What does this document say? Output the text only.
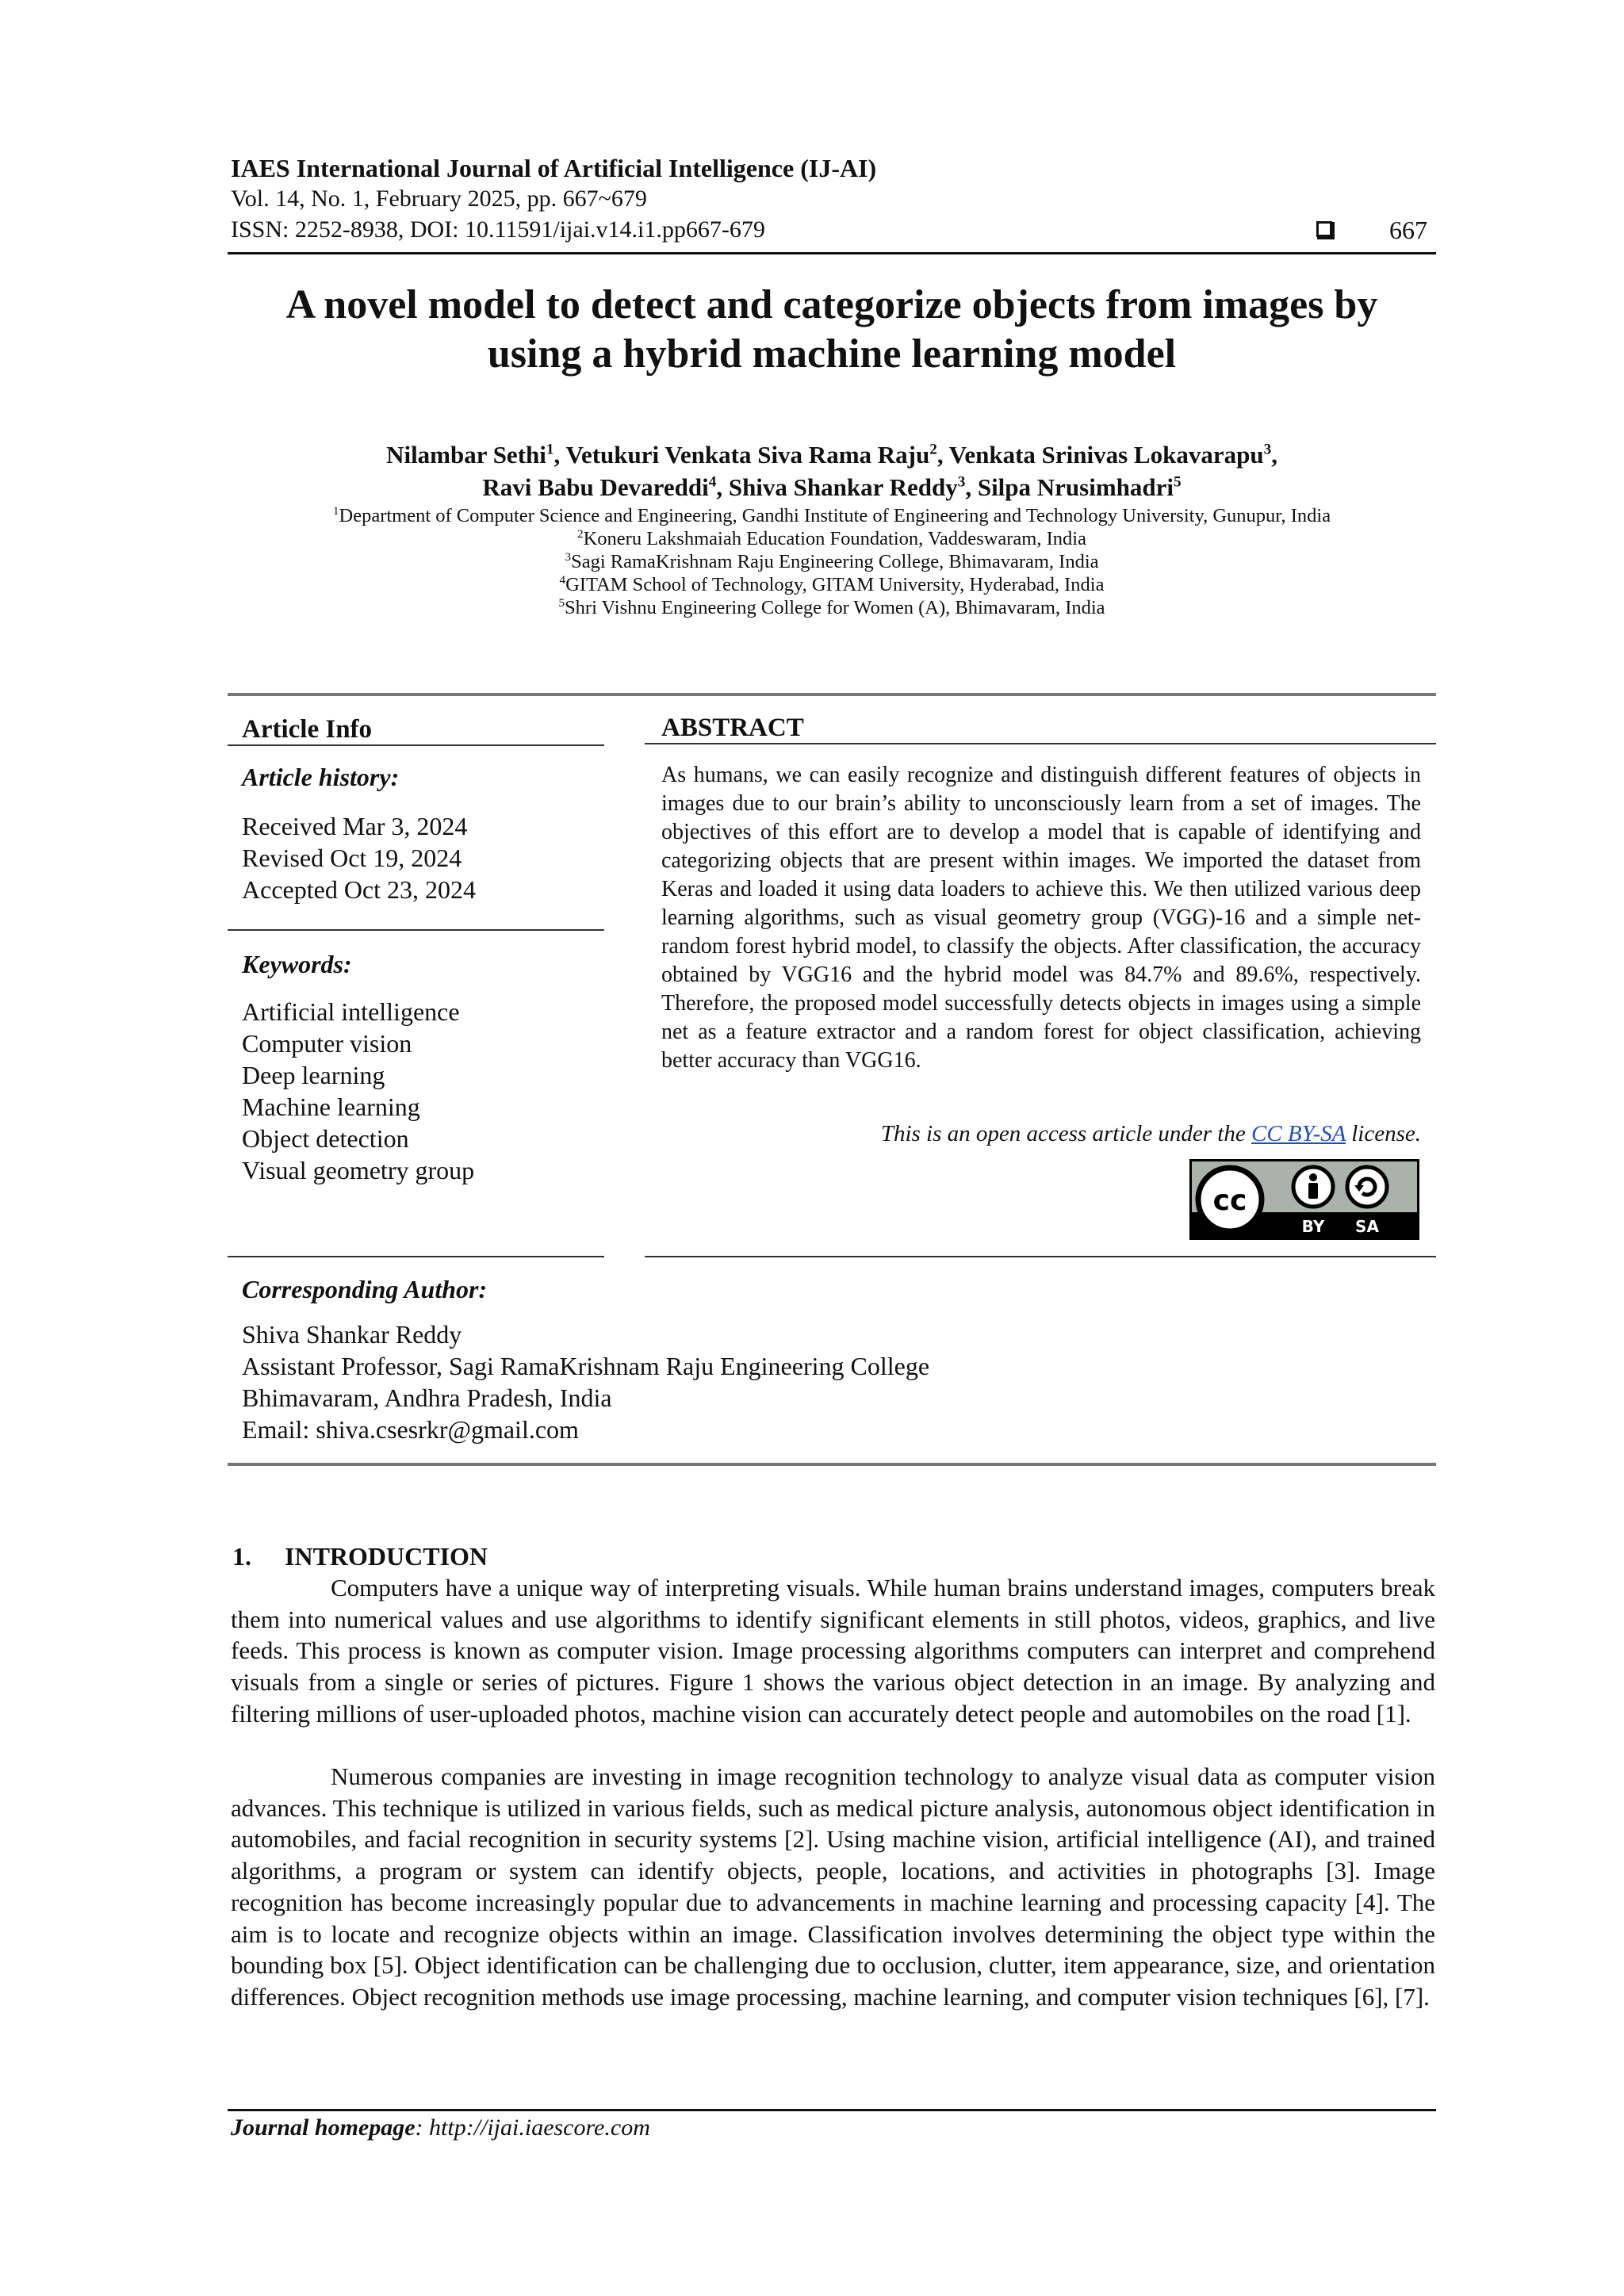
IAES International Journal of Artificial Intelligence (IJ-AI)
Vol. 14, No. 1, February 2025, pp. 667~679
ISSN: 2252-8938, DOI: 10.11591/ijai.v14.i1.pp667-679	667
A novel model to detect and categorize objects from images by
using a hybrid machine learning model
Nilambar Sethi$^1$, Vetukuri Venkata Siva Rama Raju$^2$, Venkata Srinivas Lokavarapu$^3$,
Ravi Babu Devareddi$^4$, Shiva Shankar Reddy$^3$, Silpa Nrusimhadri$^5$
$^1$Department of Computer Science and Engineering, Gandhi Institute of Engineering and Technology University, Gunupur, India
$^2$Koneru Lakshmaiah Education Foundation, Vaddeswaram, India
$^3$Sagi RamaKrishnam Raju Engineering College, Bhimavaram, India
$^4$GITAM School of Technology, GITAM University, Hyderabad, India
$^5$Shri Vishnu Engineering College for Women (A), Bhimavaram, India
Article Info
Article history:
Received Mar 3, 2024
Revised Oct 19, 2024
Accepted Oct 23, 2024
Keywords:
Artificial intelligence
Computer vision
Deep learning
Machine learning
Object detection
Visual geometry group
ABSTRACT
As humans, we can easily recognize and distinguish different features of objects in images due to our brain’s ability to unconsciously learn from a set of images. The objectives of this effort are to develop a model that is capable of identifying and categorizing objects that are present within images. We imported the dataset from Keras and loaded it using data loaders to achieve this. We then utilized various deep learning algorithms, such as visual geometry group (VGG)-16 and a simple net-random forest hybrid model, to classify the objects. After classification, the accuracy obtained by VGG16 and the hybrid model was 84.7% and 89.6%, respectively. Therefore, the proposed model successfully detects objects in images using a simple net as a feature extractor and a random forest for object classification, achieving better accuracy than VGG16.
This is an open access article under the CC BY-SA license.
cc
BY SA
Corresponding Author:
Shiva Shankar Reddy
Assistant Professor, Sagi RamaKrishnam Raju Engineering College
Bhimavaram, Andhra Pradesh, India
Email: shiva.csesrkr@gmail.com
1. INTRODUCTION
Computers have a unique way of interpreting visuals. While human brains understand images, computers break them into numerical values and use algorithms to identify significant elements in still photos, videos, graphics, and live feeds. This process is known as computer vision. Image processing algorithms computers can interpret and comprehend visuals from a single or series of pictures. Figure 1 shows the various object detection in an image. By analyzing and filtering millions of user-uploaded photos, machine vision can accurately detect people and automobiles on the road [1].
Numerous companies are investing in image recognition technology to analyze visual data as computer vision advances. This technique is utilized in various fields, such as medical picture analysis, autonomous object identification in automobiles, and facial recognition in security systems [2]. Using machine vision, artificial intelligence (AI), and trained algorithms, a program or system can identify objects, people, locations, and activities in photographs [3]. Image recognition has become increasingly popular due to advancements in machine learning and processing capacity [4]. The aim is to locate and recognize objects within an image. Classification involves determining the object type within the bounding box [5]. Object identification can be challenging due to occlusion, clutter, item appearance, size, and orientation differences. Object recognition methods use image processing, machine learning, and computer vision techniques [6], [7].
Journal homepage: http://ijai.iaescore.com
